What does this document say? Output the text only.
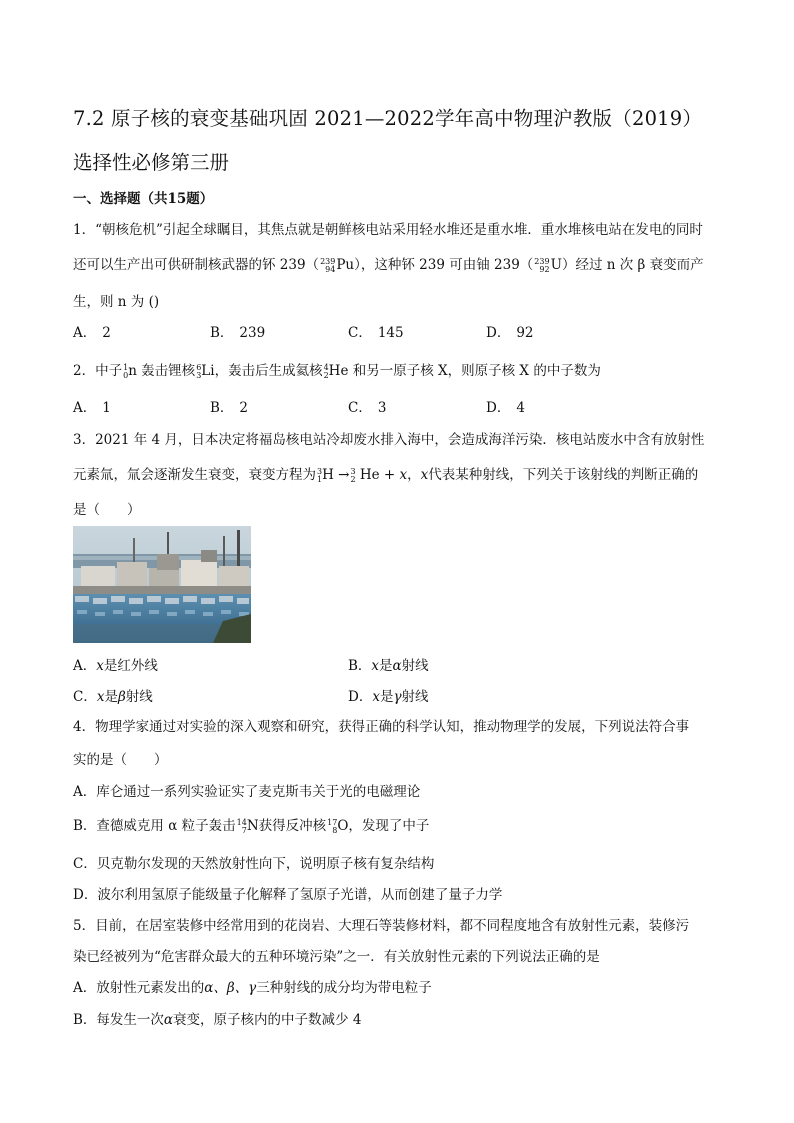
7.2 原子核的衰变基础巩固 2021—2022学年高中物理沪教版（2019）
选择性必修第三册
一、选择题（共15题）
1．“朝核危机”引起全球瞩目，其焦点就是朝鲜核电站采用轻水堆还是重水堆．重水堆核电站在发电的同时
还可以生产出可供研制核武器的钚 239（ 239
94 Pu），这种钚 239 可由铀 239（ 239
92 U）经过 n 次 β 衰变而产
生，则 n 为 ()
A． 2	B． 239	C． 145	D． 92
2．中子 1
0 n 轰击锂核 6
3 Li，轰击后生成氦核 4
2 He 和另一原子核 X，则原子核 X 的中子数为
A． 1	B． 2	C． 3	D． 4
3．2021 年 4 月，日本决定将福岛核电站冷却废水排入海中，会造成海洋污染．核电站废水中含有放射性
元素氚，氚会逐渐发生衰变，衰变方程为 3
1 H → 3
2 He + x，x代表某种射线，下列关于该射线的判断正确的
是（　　）
A．x是红外线	B．x是α射线
C．x是β射线	D．x是γ射线
4．物理学家通过对实验的深入观察和研究，获得正确的科学认知，推动物理学的发展，下列说法符合事
实的是（　　）
A．库仑通过一系列实验证实了麦克斯韦关于光的电磁理论
B．查德威克用 α 粒子轰击 14
7 N获得反冲核 17
8 O，发现了中子
C．贝克勒尔发现的天然放射性向下，说明原子核有复杂结构
D．波尔利用氢原子能级量子化解释了氢原子光谱，从而创建了量子力学
5．目前，在居室装修中经常用到的花岗岩、大理石等装修材料，都不同程度地含有放射性元素，装修污
染已经被列为“危害群众最大的五种环境污染”之一．有关放射性元素的下列说法正确的是
A．放射性元素发出的α、β、γ三种射线的成分均为带电粒子
B．每发生一次α衰变，原子核内的中子数减少 4
